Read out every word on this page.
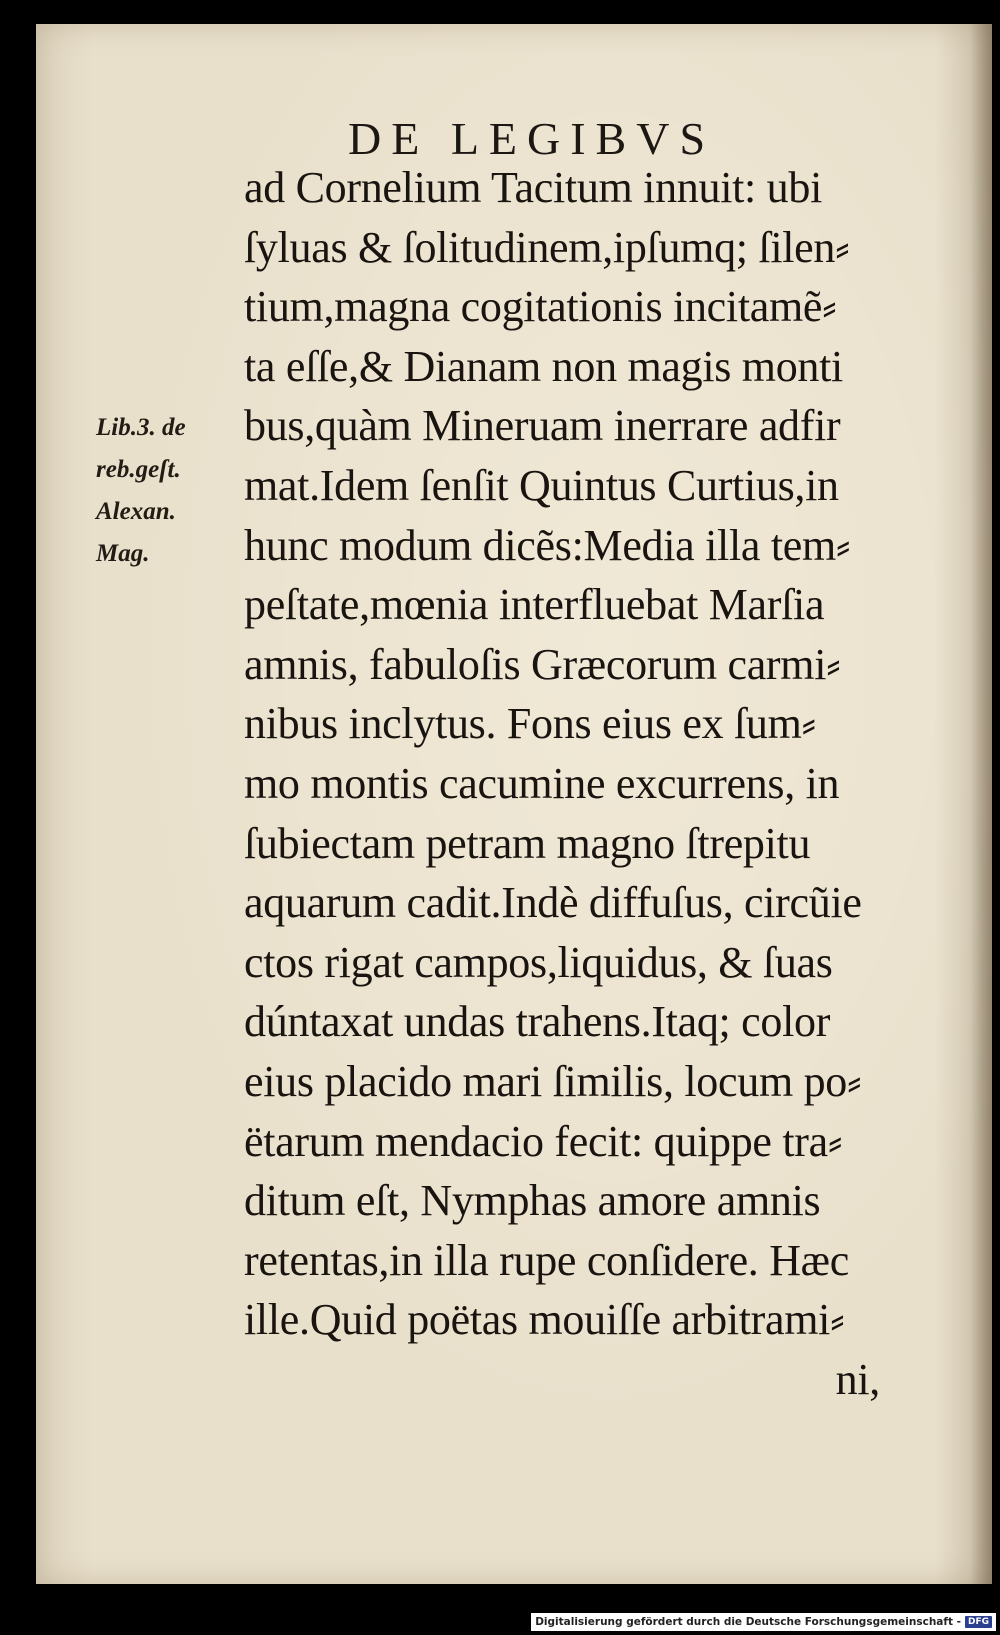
DE LEGIBVS
Lib.3. de
reb.geſt.
Alexan.
Mag.
ad Cornelium Tacitum innuit: ubi
ſyluas & ſolitudinem,ipſumq; ſilen⸗
tium,magna cogitationis incitamẽ⸗
ta eſſe,& Dianam non magis monti
bus,quàm Mineruam inerrare adfir
mat.Idem ſenſit Quintus Curtius,in
hunc modum dicẽs:Media illa tem⸗
peſtate,mœnia interfluebat Marſia
amnis, fabuloſis Græcorum carmi⸗
nibus inclytus. Fons eius ex ſum⸗
mo montis cacumine excurrens, in
ſubiectam petram magno ſtrepitu
aquarum cadit.Indè diffuſus, circũie
ctos rigat campos,liquidus, & ſuas
dúntaxat undas trahens.Itaq; color
eius placido mari ſimilis, locum po⸗
ëtarum mendacio fecit: quippe tra⸗
ditum eſt, Nymphas amore amnis
retentas,in illa rupe conſidere. Hæc
ille.Quid poëtas mouiſſe arbitrami⸗
ni,
Digitalisierung gefördert durch die Deutsche Forschungsgemeinschaft - DFG
